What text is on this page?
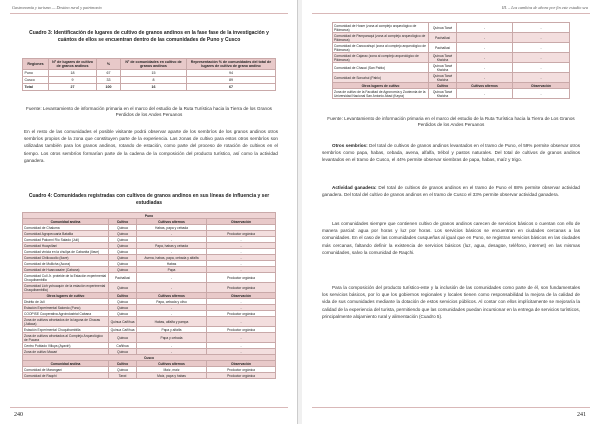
Gastronomía y turismo — Destino rural y patrimonio
Cuadro 3: Identificación de lugares de cultivo de granos andinos en la fase fase de la investigación y cuántos de ellos se encuentran dentro de las comunidades de Puno y Cusco
Regiones	N° de lugares de cultivo de granos andinos	%	N° de comunidades en cultivo de granos andinos	Representación % de comunidades del total de lugares de cultivo de grano andino
Puno	18	67	15	94
Cusco	9	33	8	89
Total	27	100	16	67
Fuente: Levantamiento de información primaria en el marco del estudio de la Ruta Turística hacia la Tierra de los Granos Perdidos de los Andes Peruanos
En el resto de las comunidades el posible visitante podrá observar aparte de los sembríos de los granos andinos otros sembríos propios de la zona que constituyen parte de la experiencia. Las zonas de cultivo para estos otros sembríos son utilizadas también para los granos andinos, rotando de estación, como parte del proceso de rotación de cultivos en el tiempo. Los otros sembríos formarían parte de la cadena de la composición del producto turístico, así como la actividad ganadera.
Cuadro 4: Comunidades registradas con cultivos de granos andinos en sus líneas de influencia y ser estudiadas
Puno			
Comunidad andina	Cultivo	Cultivos alternos	Observación
Comunidad de Chaluma	Quinua	Habas, papa y cebada	
Comunidad Agropecuaria Batallia	Quinua	-	Productor orgánica
Comunidad Pakonni Río Salado (Juli)	Quinua	-	-
Comunidad Huaycllani	Quinua	Papa, habas y cebada	-
Comunidad vinicia en la chullpa de Cabanita (Ilave)	Quinua	-	-
Comunidad Chilicocollo (Ilave)	Quinua	Avena, habas, papa, cebada y alfalfa	-
Comunidad de Mullicha (Acora)	Quinua	Habas	-
Comunidad de Huancasaire (Cabana)	Quinua	Papa	-
Comunidad Cull Jr. proteide de la Estación experimental Choquibambilla	Pachallusi	-	Productor orgánica
Comunidad Lich yohuaquín de la estación experimental Chaquibambilla)	Quinua	-	Productor orgánica
Otros lugares de cultivo	Cultivo	Cultivos alternos	Observación
Distrito de Juli	Quinua	Papa, cebada y olivo	-
Estación Experimental Salcedo (Puno)	Quinua	-	-
COOPISE Cooperativa Agroindustrial Cabana	Quinua	-	Productor orgánica
Zona de cultivos afrontados de la laguna de Chacas (Juliaca)	Quinua Cañihua	Habas, alfalfa y pampa	-
Estación Experimental Chuquibambilla	Quinua Cañihua	Papa y alfalfa	Productor orgánica
Zona de cultivos afrontados al Complejo Arqueológico de Pucara	Quinua	Papa y cebada	-
Centro Poblado Villuya (Ayaviri)	Cañihua	-	-
Zona de cultivo Macarí	Quinua	-	-
Cusco			
Comunidad andina	Cultivo	Cultivos alternos	Observación
Comunidad de Maranganí	Quinua	Maíz, maíz	Productor orgánica
Comunidad de Raqchi	Tarwi	Maíz, papa y habas	Productor orgánica
240
III. – Los cambios de ahora por fin este estudio sea
Comunidad de Hoser (zona al complejo arqueológico de Pikimarca)	Quinua Tarwi	-	-
Comunidad de Pamparaqui (zona al complejo arqueológico de Pikimarca)	Pachallusi	-	-
Comunidad de Carcocahupi (zona al complejo arqueológico de Pikimarca)	Pachallusi	-	-
Comunidad de Cajarac (zona al complejo arqueológico de Pikimarca)	Quinua Tarwi Kiwicha	-	-
Comunidad de Chacaí (San Pablo)	Quinua Tarwi Kiwicha	-	-
Comunidad de Sorcahui (Pablo)	Quinua Tarwi Kiwicha	-	-
Otros lugares de cultivo	Cultivo	Cultivos alternos	Observación
Zona de cultivo de la Facultad de Agronomía y Zootecnia de la Universidad Nacional San Antonio Abad (Kayra)	Quinua Tarwi Kiwicha	-	-
Fuente: Levantamiento de información primaria en el marco del estudio de la Ruta Turística hacia la Tierra de Los Granos Perdidos de los Andes Peruanos
Otros sembríos: Del total de cultivos de granos andinos levantados en el tramo de Puno, el 59% permite observar otros sembríos como papa, habas, cebada, avena, alfalfa, trébol y pastos naturales. Del total de cultivos de granos andinos levantados en el tramo de Cusco, el 44% permite observar siembras de papa, habas, maíz y trigo.
Actividad ganadera: Del total de cultivos de granos andinos en el tramo de Puno el 88% permite observar actividad ganadera. Del total del cultivo de granos andinos en el tramo de Cusco el 33% permite observar actividad ganadera.
Las comunidades siempre que contienen cultivo de granos andinos carecen de servicios básicos o cuentan con ello de manera parcial: agua por horas y luz por horas. Los servicios básicos se encuentran en ciudades cercanas a las comunidades. En el caso de las comunidades cusqueñas al igual que en Puno, se registran servicios básicos en las ciudades más cercanas, faltando definir la existencia de servicios básicos (luz, agua, desagüe, teléfono, internet) en las mismas comunidades, salvo la comunidad de Raqchi.
Para la composición del producto turístico-este y la inclusión de las comunidades como parte de él, son fundamentales los servicios básicos, por lo que los gobiernos regionales y locales tienen como responsabilidad la mejora de la calidad de vida de sus comunidades mediante la dotación de estos servicios públicos. Al contar con ellos implícitamente se mejoraría la calidad de la experiencia del turista, permitiendo que las comunidades puedan incursionar en la entrega de servicios turísticos, principalmente alojamiento rural y alimentación (Cuadro 5).
241
